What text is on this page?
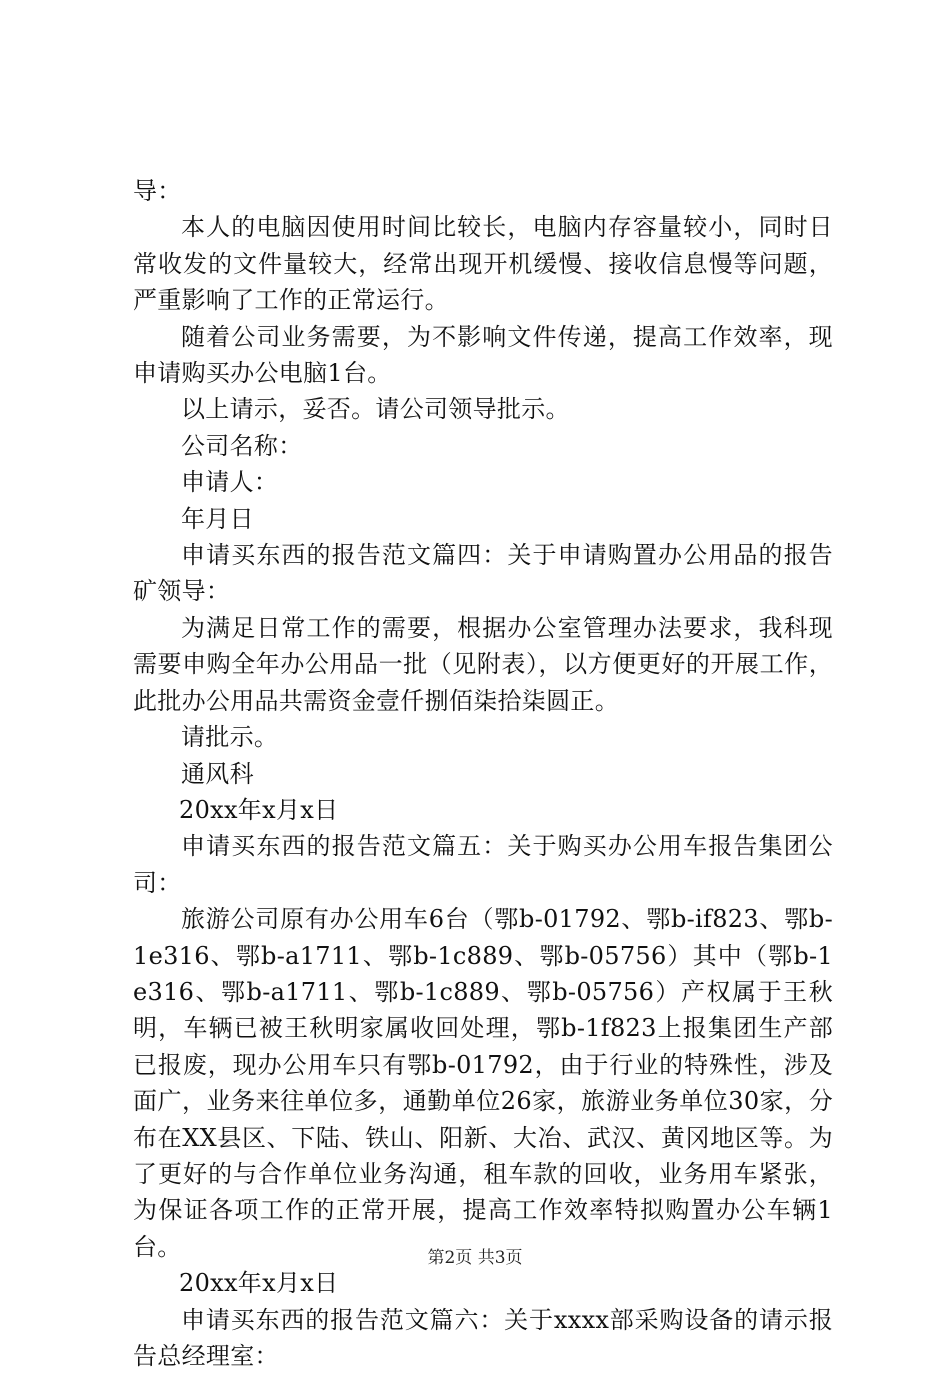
导：

本人的电脑因使用时间比较长，电脑内存容量较小，同时日常收发的文件量较大，经常出现开机缓慢、接收信息慢等问题，严重影响了工作的正常运行。

随着公司业务需要，为不影响文件传递，提高工作效率，现申请购买办公电脑1台。

以上请示，妥否。请公司领导批示。

公司名称：

申请人：

年月日

申请买东西的报告范文篇四：关于申请购置办公用品的报告矿领导：

为满足日常工作的需要，根据办公室管理办法要求，我科现需要申购全年办公用品一批（见附表），以方便更好的开展工作，此批办公用品共需资金壹仟捌佰柒拾柒圆正。

请批示。

通风科

20xx年x月x日

申请买东西的报告范文篇五：关于购买办公用车报告集团公司：

旅游公司原有办公用车6台（鄂b-01792、鄂b-if823、鄂b-1e316、鄂b-a1711、鄂b-1c889、鄂b-05756）其中（鄂b-1e316、鄂b-a1711、鄂b-1c889、鄂b-05756）产权属于王秋明，车辆已被王秋明家属收回处理，鄂b-1f823上报集团生产部已报废，现办公用车只有鄂b-01792，由于行业的特殊性，涉及面广，业务来往单位多，通勤单位26家，旅游业务单位30家，分布在XX县区、下陆、铁山、阳新、大冶、武汉、黄冈地区等。为了更好的与合作单位业务沟通，租车款的回收，业务用车紧张，为保证各项工作的正常开展，提高工作效率特拟购置办公车辆1台。

20xx年x月x日

申请买东西的报告范文篇六：关于xxxx部采购设备的请示报告总经理室：

第2页 共3页
